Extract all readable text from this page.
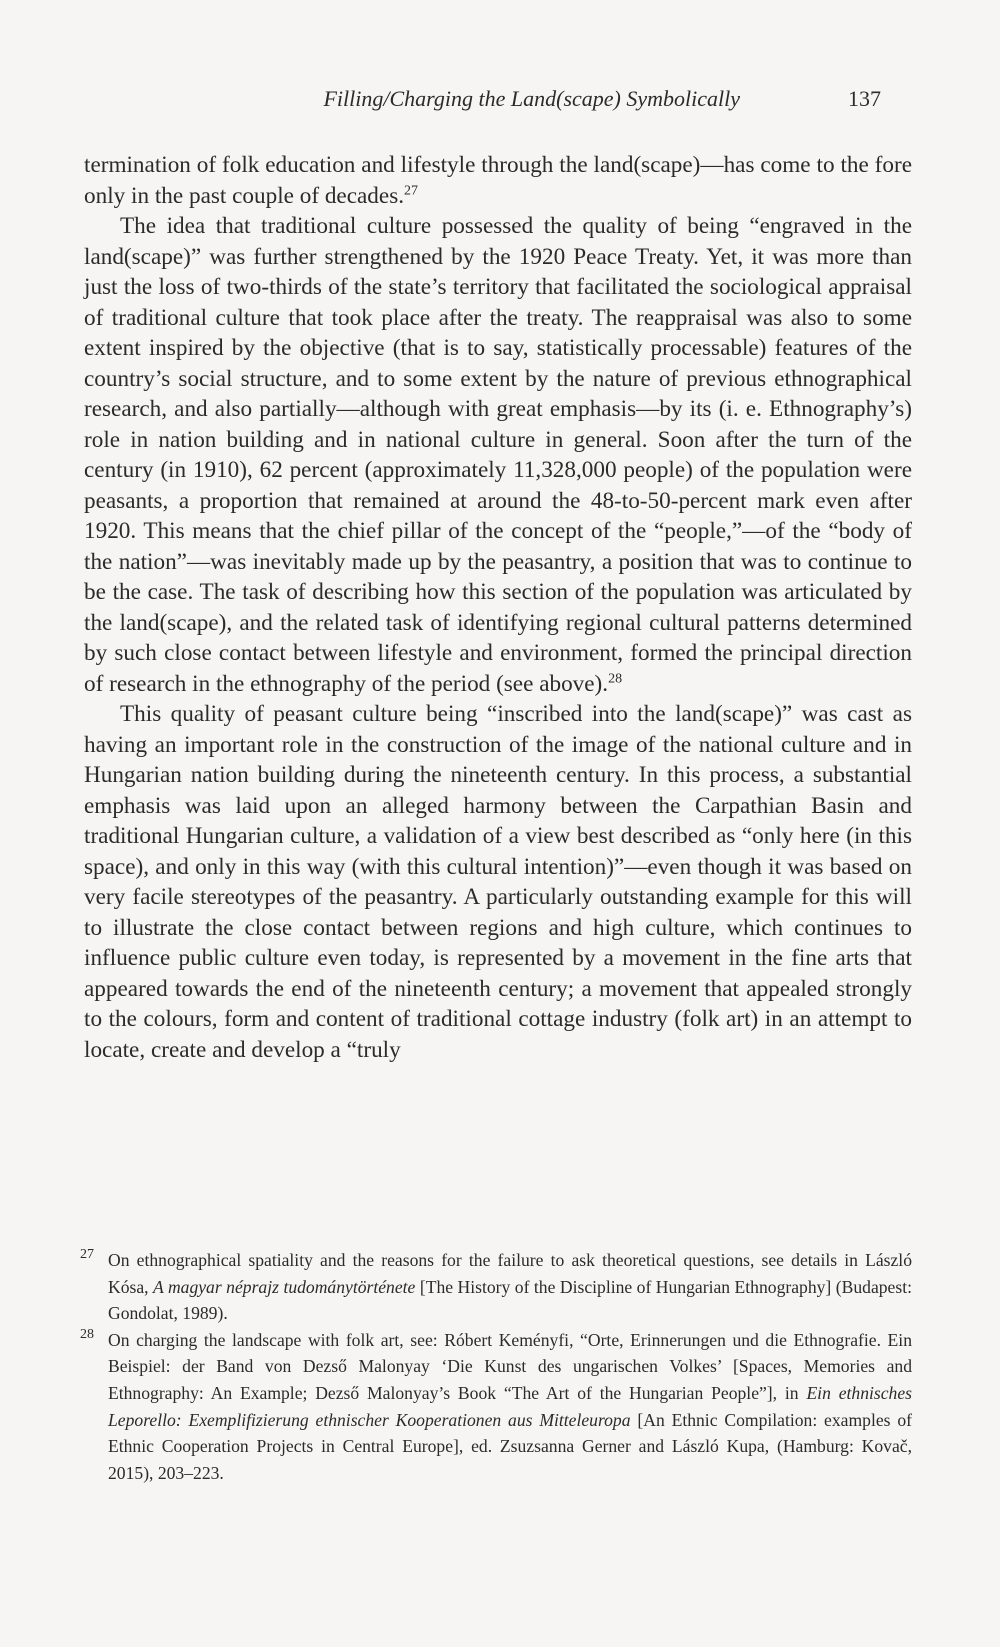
Filling/Charging the Land(scape) Symbolically	137

termination of folk education and lifestyle through the land(scape)—has come to the fore only in the past couple of decades.$^{27}$

The idea that traditional culture possessed the quality of being “engraved in the land(scape)” was further strengthened by the 1920 Peace Treaty. Yet, it was more than just the loss of two-thirds of the state’s territory that facilitated the sociological appraisal of traditional culture that took place after the treaty. The reappraisal was also to some extent inspired by the objective (that is to say, statistically processable) features of the country’s social structure, and to some extent by the nature of previous ethnographical research, and also partially—although with great emphasis—by its (i. e. Ethnography’s) role in nation building and in national culture in general. Soon after the turn of the century (in 1910), 62 percent (approximately 11,328,000 people) of the population were peasants, a proportion that remained at around the 48-to-50-percent mark even after 1920. This means that the chief pillar of the concept of the “people,”—of the “body of the nation”—was inevitably made up by the peasantry, a position that was to continue to be the case. The task of describing how this section of the population was articulated by the land(scape), and the related task of identifying regional cultural patterns determined by such close contact between lifestyle and environment, formed the principal direction of research in the ethnography of the period (see above).$^{28}$

This quality of peasant culture being “inscribed into the land(scape)” was cast as having an important role in the construction of the image of the national culture and in Hungarian nation building during the nineteenth century. In this process, a substantial emphasis was laid upon an alleged harmony between the Carpathian Basin and traditional Hungarian culture, a validation of a view best described as “only here (in this space), and only in this way (with this cultural intention)”—even though it was based on very facile stereotypes of the peasantry. A particularly outstanding example for this will to illustrate the close contact between regions and high culture, which continues to influence public culture even today, is represented by a movement in the fine arts that appeared towards the end of the nineteenth century; a movement that appealed strongly to the colours, form and content of traditional cottage industry (folk art) in an attempt to locate, create and develop a “truly

27 On ethnographical spatiality and the reasons for the failure to ask theoretical questions, see details in László Kósa, A magyar néprajz tudománytörténete [The History of the Discipline of Hungarian Ethnography] (Budapest: Gondolat, 1989).

28 On charging the landscape with folk art, see: Róbert Keményfi, “Orte, Erinnerungen und die Ethnografie. Ein Beispiel: der Band von Dezső Malonyay ‘Die Kunst des ungarischen Volkes’ [Spaces, Memories and Ethnography: An Example; Dezső Malonyay’s Book “The Art of the Hungarian People”], in Ein ethnisches Leporello: Exemplifizierung ethnischer Kooperationen aus Mitteleuropa [An Ethnic Compilation: examples of Ethnic Cooperation Projects in Central Europe], ed. Zsuzsanna Gerner and László Kupa, (Hamburg: Kovač, 2015), 203–223.
